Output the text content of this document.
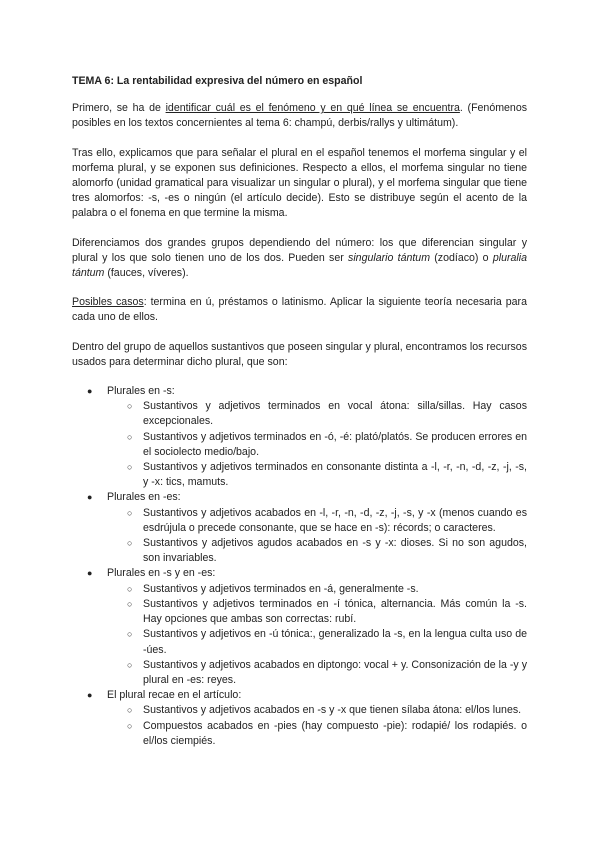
TEMA 6: La rentabilidad expresiva del número en español

Primero, se ha de identificar cuál es el fenómeno y en qué línea se encuentra. (Fenómenos posibles en los textos concernientes al tema 6: champú, derbis/rallys y ultimátum).

Tras ello, explicamos que para señalar el plural en el español tenemos el morfema singular y el morfema plural, y se exponen sus definiciones. Respecto a ellos, el morfema singular no tiene alomorfo (unidad gramatical para visualizar un singular o plural), y el morfema singular que tiene tres alomorfos: -s, -es o ningún (el artículo decide). Esto se distribuye según el acento de la palabra o el fonema en que termine la misma.

Diferenciamos dos grandes grupos dependiendo del número: los que diferencian singular y plural y los que solo tienen uno de los dos. Pueden ser singulario tántum (zodíaco) o pluralia tántum (fauces, víveres).

Posibles casos: termina en ú, préstamos o latinismo. Aplicar la siguiente teoría necesaria para cada uno de ellos.

Dentro del grupo de aquellos sustantivos que poseen singular y plural, encontramos los recursos usados para determinar dicho plural, que son:

● Plurales en -s:
○ Sustantivos y adjetivos terminados en vocal átona: silla/sillas. Hay casos excepcionales.
○ Sustantivos y adjetivos terminados en -ó, -é: plató/platós. Se producen errores en el sociolecto medio/bajo.
○ Sustantivos y adjetivos terminados en consonante distinta a -l, -r, -n, -d, -z, -j, -s, y -x: tics, mamuts.
● Plurales en -es:
○ Sustantivos y adjetivos acabados en -l, -r, -n, -d, -z, -j, -s, y -x (menos cuando es esdrújula o precede consonante, que se hace en -s): récords; o caracteres.
○ Sustantivos y adjetivos agudos acabados en -s y -x: dioses. Si no son agudos, son invariables.
● Plurales en -s y en -es:
○ Sustantivos y adjetivos terminados en -á, generalmente -s.
○ Sustantivos y adjetivos terminados en -í tónica, alternancia. Más común la -s. Hay opciones que ambas son correctas: rubí.
○ Sustantivos y adjetivos en -ú tónica:, generalizado la -s, en la lengua culta uso de -úes.
○ Sustantivos y adjetivos acabados en diptongo: vocal + y. Consonización de la -y y plural en -es: reyes.
● El plural recae en el artículo:
○ Sustantivos y adjetivos acabados en -s y -x que tienen sílaba átona: el/los lunes.
○ Compuestos acabados en -pies (hay compuesto -pie): rodapié/ los rodapiés. o el/los ciempiés.
